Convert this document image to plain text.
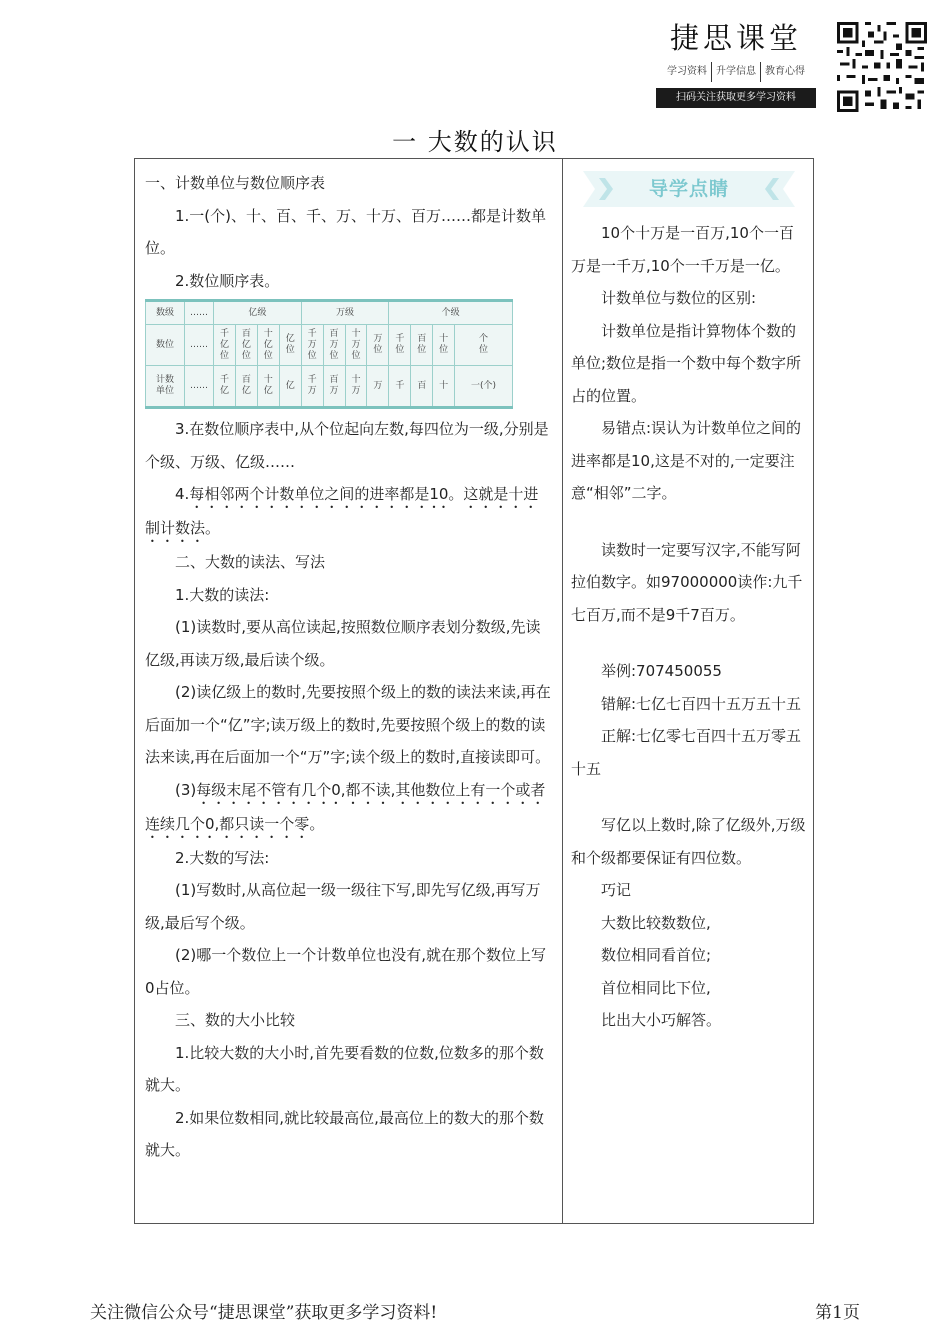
捷思课堂
学习资料 升学信息 教育心得
扫码关注获取更多学习资料
一 大数的认识

一、计数单位与数位顺序表

1.一(个)、十、百、千、万、十万、百万……都是计数单位。

2.数位顺序表。

数级	……	亿级				万级				个级			
数位	……	千亿位	百亿位	十亿位	亿位	千万位	百万位	十万位	万位	千位	百位	十位	个位
计数单位	……	千亿	百亿	十亿	亿	千万	百万	十万	万	千	百	十	一(个)

3.在数位顺序表中,从个位起向左数,每四位为一级,分别是个级、万级、亿级……

4.每相邻两个计数单位之间的进率都是10。这就是十进制计数法。

二、大数的读法、写法

1.大数的读法:

(1)读数时,要从高位读起,按照数位顺序表划分数级,先读亿级,再读万级,最后读个级。

(2)读亿级上的数时,先要按照个级上的数的读法来读,再在后面加一个“亿”字;读万级上的数时,先要按照个级上的数的读法来读,再在后面加一个“万”字;读个级上的数时,直接读即可。

(3)每级末尾不管有几个0,都不读,其他数位上有一个或者连续几个0,都只读一个零。

2.大数的写法:

(1)写数时,从高位起一级一级往下写,即先写亿级,再写万级,最后写个级。

(2)哪一个数位上一个计数单位也没有,就在那个数位上写0占位。

三、数的大小比较

1.比较大数的大小时,首先要看数的位数,位数多的那个数就大。

2.如果位数相同,就比较最高位,最高位上的数大的那个数就大。

导学点睛

10个十万是一百万,10个一百万是一千万,10个一千万是一亿。

计数单位与数位的区别:

计数单位是指计算物体个数的单位;数位是指一个数中每个数字所占的位置。

易错点:误认为计数单位之间的进率都是10,这是不对的,一定要注意“相邻”二字。

读数时一定要写汉字,不能写阿拉伯数字。如97000000读作:九千七百万,而不是9千7百万。

举例:707450055

错解:七亿七百四十五万五十五

正解:七亿零七百四十五万零五十五

写亿以上数时,除了亿级外,万级和个级都要保证有四位数。

巧记

大数比较数数位,

数位相同看首位;

首位相同比下位,

比出大小巧解答。

关注微信公众号“捷思课堂”获取更多学习资料!	第1页
